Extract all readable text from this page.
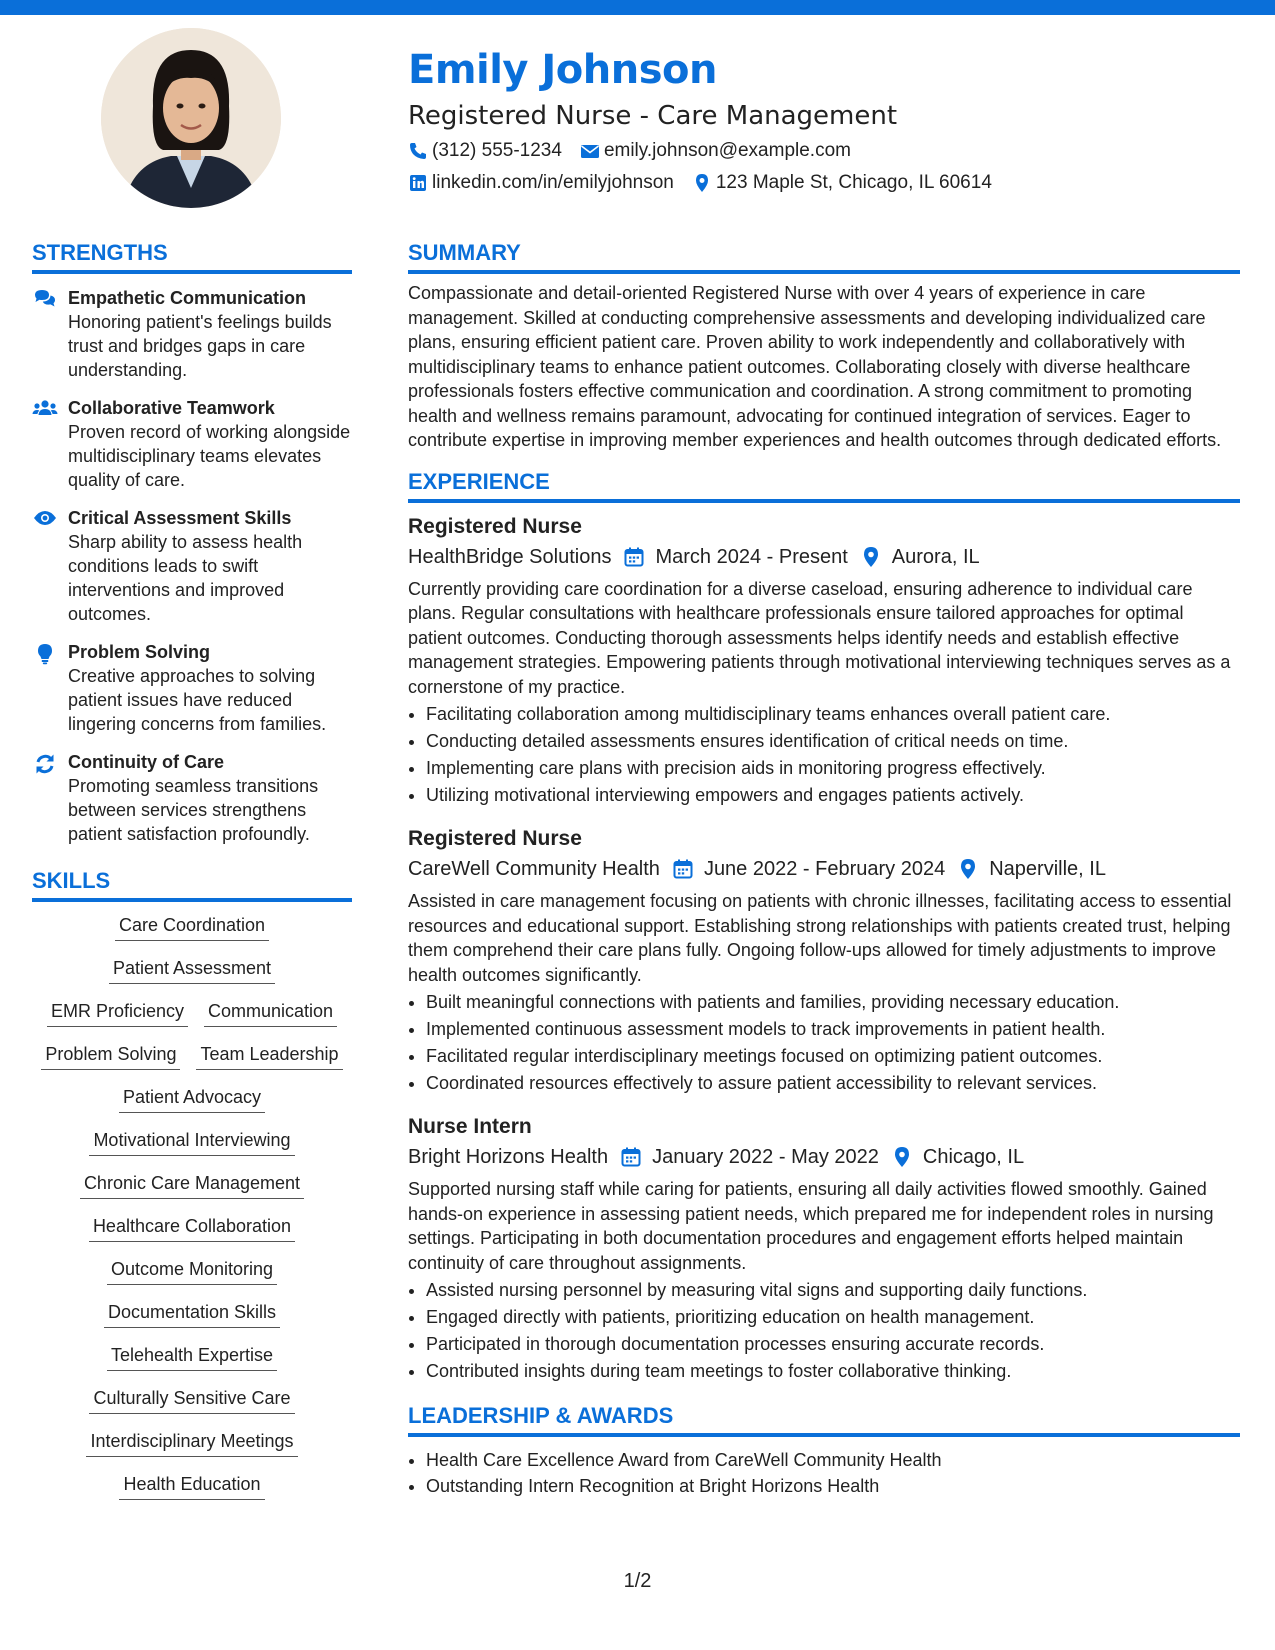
Emily Johnson
Registered Nurse - Care Management
(312) 555-1234 emily.johnson@example.com
linkedin.com/in/emilyjohnson 123 Maple St, Chicago, IL 60614
STRENGTHS
Empathetic Communication
Honoring patient's feelings builds trust and bridges gaps in care understanding.
Collaborative Teamwork
Proven record of working alongside multidisciplinary teams elevates quality of care.
Critical Assessment Skills
Sharp ability to assess health conditions leads to swift interventions and improved outcomes.
Problem Solving
Creative approaches to solving patient issues have reduced lingering concerns from families.
Continuity of Care
Promoting seamless transitions between services strengthens patient satisfaction profoundly.
SKILLS
Care Coordination
Patient Assessment
EMR Proficiency Communication
Problem Solving Team Leadership
Patient Advocacy
Motivational Interviewing
Chronic Care Management
Healthcare Collaboration
Outcome Monitoring
Documentation Skills
Telehealth Expertise
Culturally Sensitive Care
Interdisciplinary Meetings
Health Education
SUMMARY
Compassionate and detail-oriented Registered Nurse with over 4 years of experience in care management. Skilled at conducting comprehensive assessments and developing individualized care plans, ensuring efficient patient care. Proven ability to work independently and collaboratively with multidisciplinary teams to enhance patient outcomes. Collaborating closely with diverse healthcare professionals fosters effective communication and coordination. A strong commitment to promoting health and wellness remains paramount, advocating for continued integration of services. Eager to contribute expertise in improving member experiences and health outcomes through dedicated efforts.
EXPERIENCE
Registered Nurse
HealthBridge Solutions March 2024 - Present Aurora, IL
Currently providing care coordination for a diverse caseload, ensuring adherence to individual care plans. Regular consultations with healthcare professionals ensure tailored approaches for optimal patient outcomes. Conducting thorough assessments helps identify needs and establish effective management strategies. Empowering patients through motivational interviewing techniques serves as a cornerstone of my practice.
• Facilitating collaboration among multidisciplinary teams enhances overall patient care.
• Conducting detailed assessments ensures identification of critical needs on time.
• Implementing care plans with precision aids in monitoring progress effectively.
• Utilizing motivational interviewing empowers and engages patients actively.
Registered Nurse
CareWell Community Health June 2022 - February 2024 Naperville, IL
Assisted in care management focusing on patients with chronic illnesses, facilitating access to essential resources and educational support. Establishing strong relationships with patients created trust, helping them comprehend their care plans fully. Ongoing follow-ups allowed for timely adjustments to improve health outcomes significantly.
• Built meaningful connections with patients and families, providing necessary education.
• Implemented continuous assessment models to track improvements in patient health.
• Facilitated regular interdisciplinary meetings focused on optimizing patient outcomes.
• Coordinated resources effectively to assure patient accessibility to relevant services.
Nurse Intern
Bright Horizons Health January 2022 - May 2022 Chicago, IL
Supported nursing staff while caring for patients, ensuring all daily activities flowed smoothly. Gained hands-on experience in assessing patient needs, which prepared me for independent roles in nursing settings. Participating in both documentation procedures and engagement efforts helped maintain continuity of care throughout assignments.
• Assisted nursing personnel by measuring vital signs and supporting daily functions.
• Engaged directly with patients, prioritizing education on health management.
• Participated in thorough documentation processes ensuring accurate records.
• Contributed insights during team meetings to foster collaborative thinking.
LEADERSHIP & AWARDS
• Health Care Excellence Award from CareWell Community Health
• Outstanding Intern Recognition at Bright Horizons Health
1/2
